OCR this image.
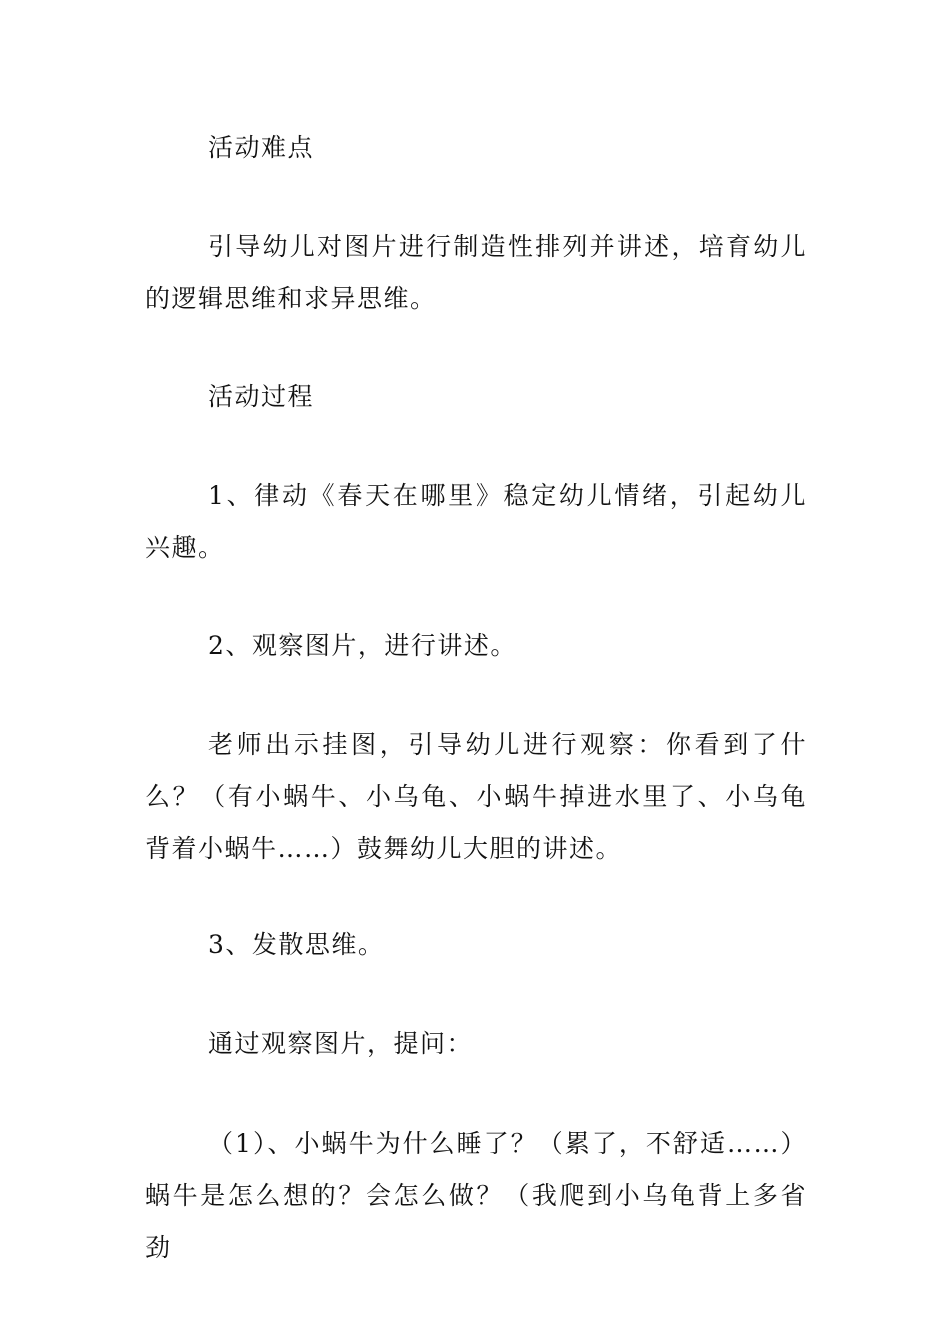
活动难点

引导幼儿对图片进行制造性排列并讲述，培育幼儿的逻辑思维和求异思维。

活动过程

1、律动《春天在哪里》稳定幼儿情绪，引起幼儿兴趣。

2、观察图片，进行讲述。

老师出示挂图，引导幼儿进行观察：你看到了什么？（有小蜗牛、小乌龟、小蜗牛掉进水里了、小乌龟背着小蜗牛……）鼓舞幼儿大胆的讲述。

3、发散思维。

通过观察图片，提问：

（1）、小蜗牛为什么睡了？（累了，不舒适……）蜗牛是怎么想的？会怎么做？（我爬到小乌龟背上多省劲
